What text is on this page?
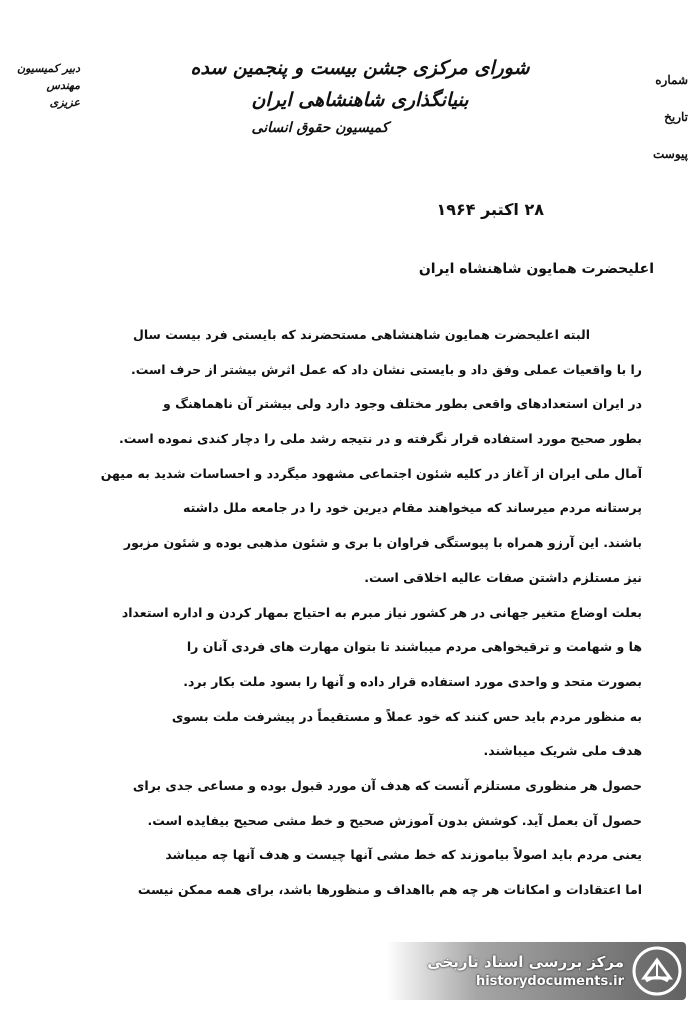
شورای مرکزی جشن بیست و پنجمین سده بنیانگذاری شاهنشاهی ایران
کمیسیون حقوق انسانی
دبیر کمیسیون
مهندس
عزیزی
شماره
تاریخ
پیوست
۲۸ اکتبر ۱۹۶۴
اعلیحضرت همایون شاهنشاه ایران
البته اعلیحضرت همایون شاهنشاهی مستحضرند که بایستی فرد بیست سال
را با واقعیات عملی وفق داد و بایستی نشان داد که عمل اثرش بیشتر از حرف است.
در ایران استعدادهای واقعی بطور مختلف وجود دارد ولی بیشتر آن ناهماهنگ و
بطور صحیح مورد استفاده قرار نگرفته و در نتیجه رشد ملی را دچار کندی نموده است.
آمال ملی ایران از آغاز در کلیه شئون اجتماعی مشهود میگردد و احساسات شدید به میهن
پرستانه مردم میرساند که میخواهند مقام دیرین خود را در جامعه ملل داشته
باشند. این آرزو همراه با پیوستگی فراوان با بری و شئون مذهبی بوده و شئون مزبور
نیز مستلزم داشتن صفات عالیه اخلاقی است.
بعلت اوضاع متغیر جهانی در هر کشور نیاز مبرم به احتیاج بمهار کردن و اداره استعداد
ها و شهامت و ترقیخواهی مردم میباشند تا بتوان مهارت های فردی آنان را
بصورت متحد و واحدی مورد استفاده قرار داده و آنها را بسود ملت بکار برد.
به منظور مردم باید حس کنند که خود عملاً و مستقیماً در پیشرفت ملت بسوی
هدف ملی شریک میباشند.
حصول هر منظوری مستلزم آنست که هدف آن مورد قبول بوده و مساعی جدی برای
حصول آن بعمل آید. کوشش بدون آموزش صحیح و خط مشی صحیح بیفایده است.
یعنی مردم باید اصولاً بیاموزند که خط مشی آنها چیست و هدف آنها چه میباشد
اما اعتقادات و امکانات هر چه هم بااهداف و منظورها باشد، برای همه ممکن نیست
مرکز بررسی اسناد تاریخی
historydocuments.ir
